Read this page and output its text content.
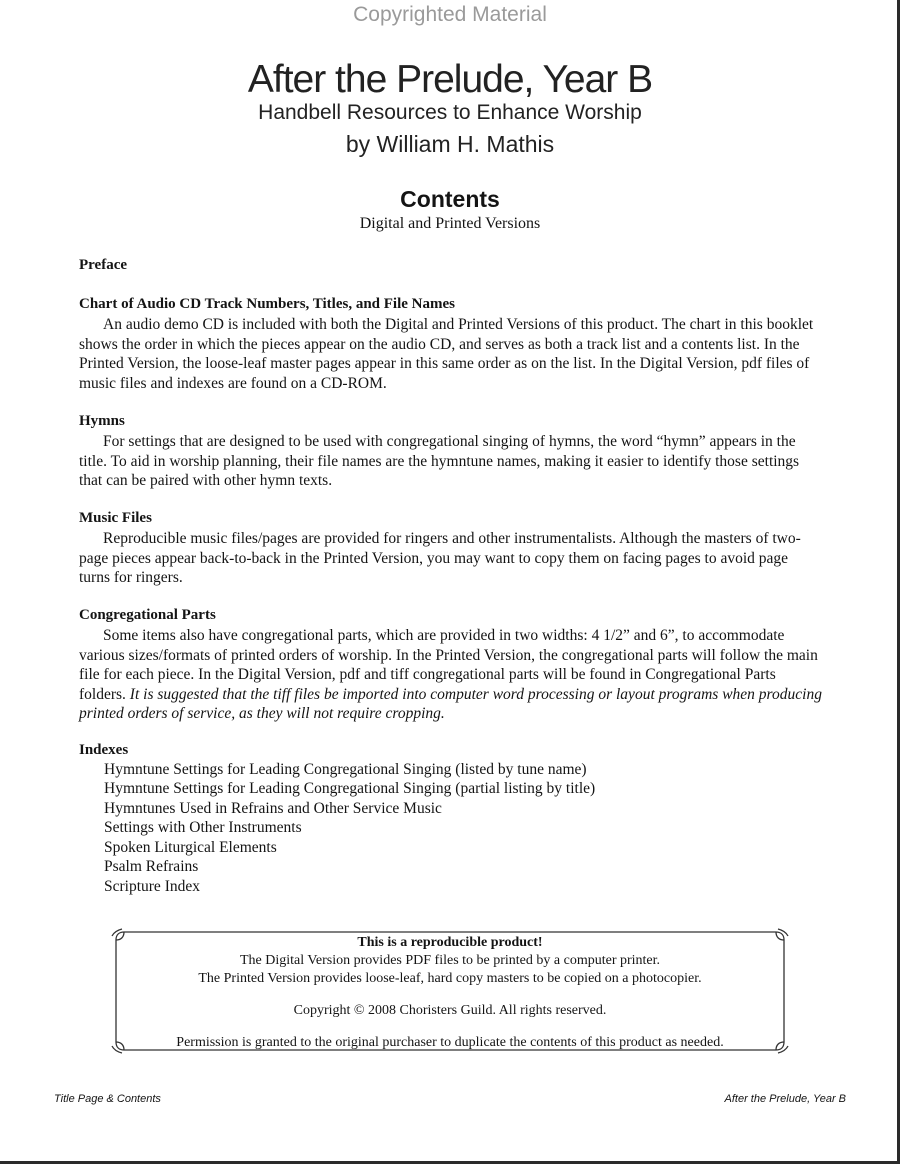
Copyrighted Material
After the Prelude, Year B
Handbell Resources to Enhance Worship
by William H. Mathis
Contents
Digital and Printed Versions
Preface
Chart of Audio CD Track Numbers, Titles, and File Names

An audio demo CD is included with both the Digital and Printed Versions of this product. The chart in this booklet shows the order in which the pieces appear on the audio CD, and serves as both a track list and a contents list. In the Printed Version, the loose-leaf master pages appear in this same order as on the list. In the Digital Version, pdf files of music files and indexes are found on a CD-ROM.

Hymns

For settings that are designed to be used with congregational singing of hymns, the word “hymn” appears in the title. To aid in worship planning, their file names are the hymntune names, making it easier to identify those settings that can be paired with other hymn texts.

Music Files

Reproducible music files/pages are provided for ringers and other instrumentalists. Although the masters of two-page pieces appear back-to-back in the Printed Version, you may want to copy them on facing pages to avoid page turns for ringers.

Congregational Parts

Some items also have congregational parts, which are provided in two widths: 4 1/2” and 6”, to accommodate various sizes/formats of printed orders of worship. In the Printed Version, the congregational parts will follow the main file for each piece. In the Digital Version, pdf and tiff congregational parts will be found in Congregational Parts folders. It is suggested that the tiff files be imported into computer word processing or layout programs when producing printed orders of service, as they will not require cropping.

Indexes
Hymntune Settings for Leading Congregational Singing (listed by tune name)
Hymntune Settings for Leading Congregational Singing (partial listing by title)
Hymntunes Used in Refrains and Other Service Music
Settings with Other Instruments
Spoken Liturgical Elements
Psalm Refrains
Scripture Index
This is a reproducible product!
The Digital Version provides PDF files to be printed by a computer printer.
The Printed Version provides loose-leaf, hard copy masters to be copied on a photocopier.
Copyright © 2008 Choristers Guild. All rights reserved.
Permission is granted to the original purchaser to duplicate the contents of this product as needed.
Title Page & Contents	After the Prelude, Year B
